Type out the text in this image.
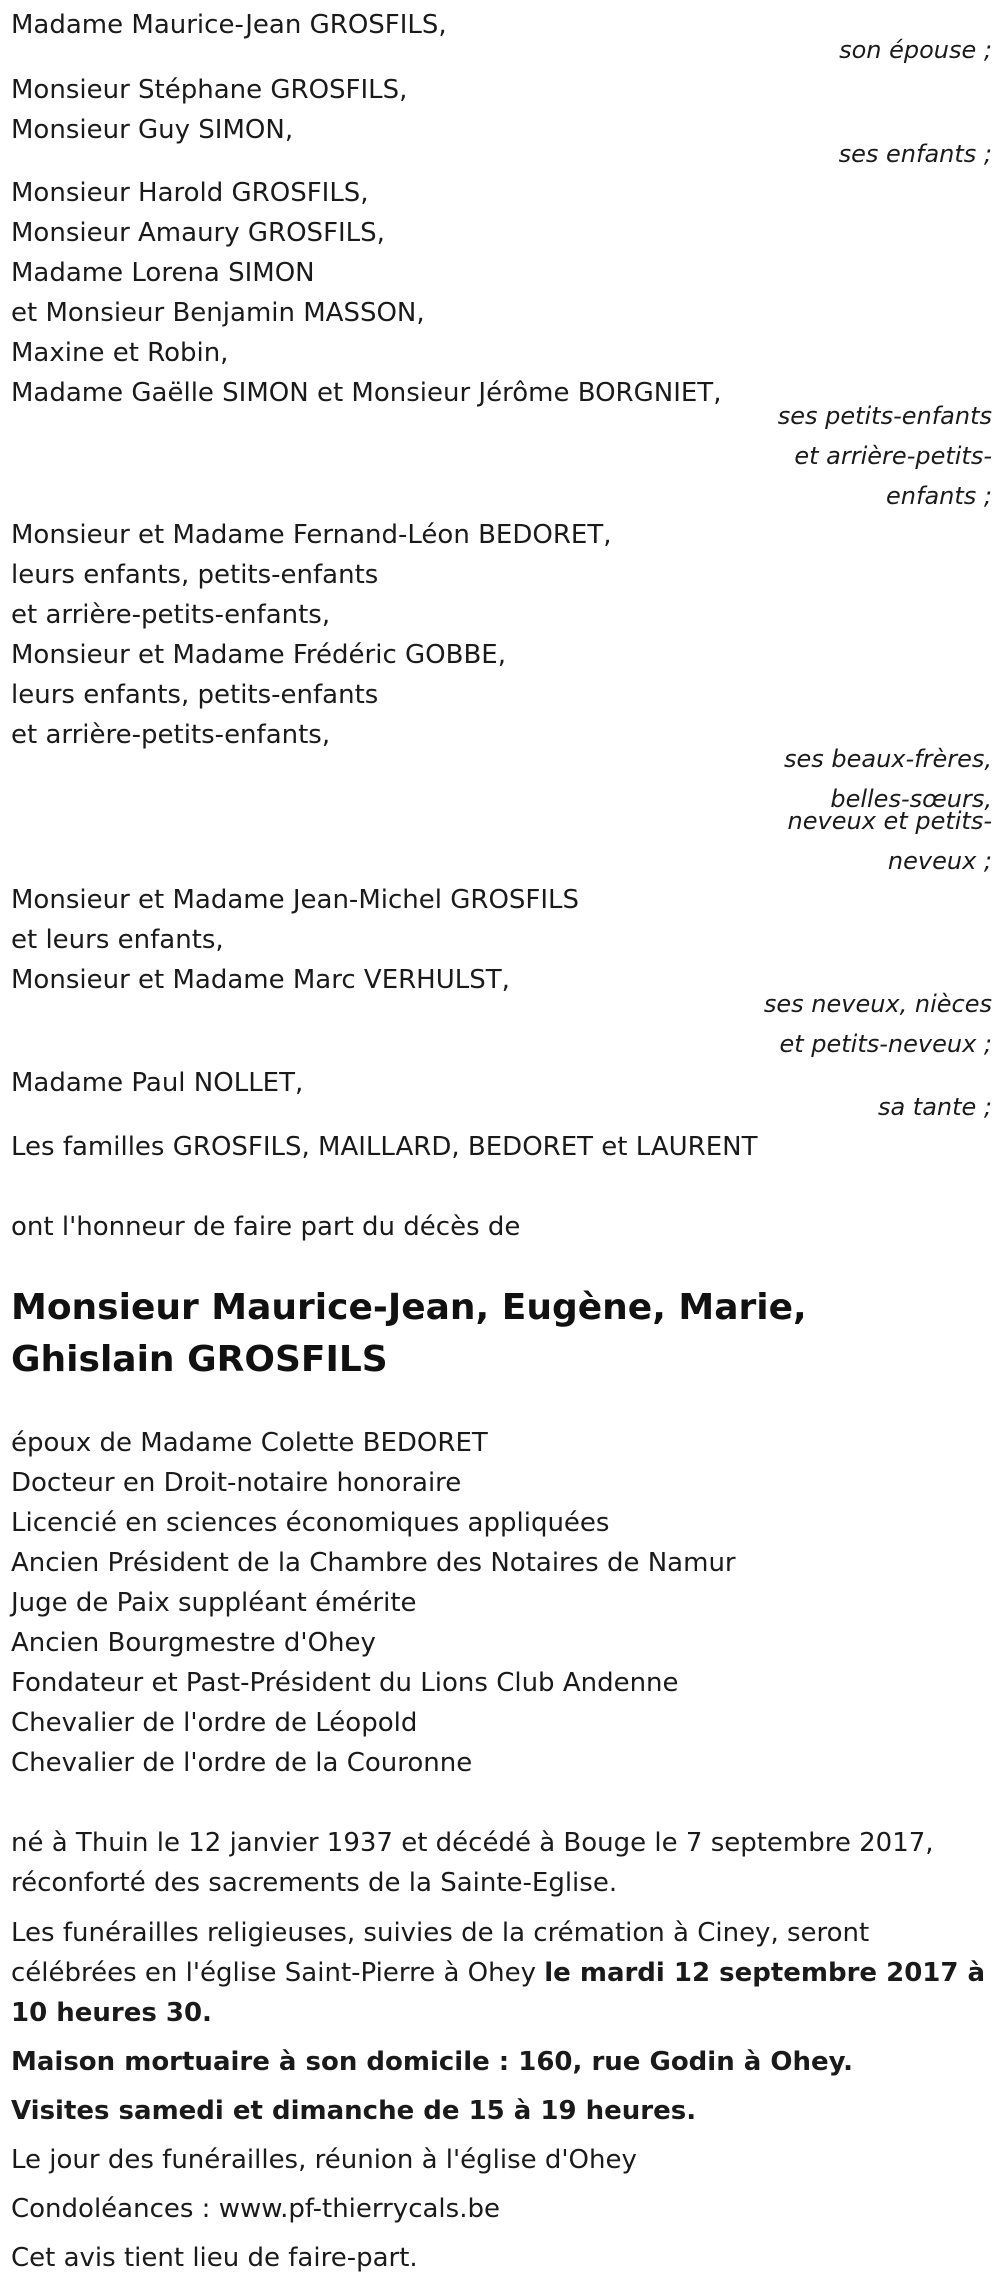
Madame Maurice-Jean GROSFILS,
son épouse ;
Monsieur Stéphane GROSFILS,
Monsieur Guy SIMON,
ses enfants ;
Monsieur Harold GROSFILS,
Monsieur Amaury GROSFILS,
Madame Lorena SIMON
et Monsieur Benjamin MASSON,
Maxine et Robin,
Madame Gaëlle SIMON et Monsieur Jérôme BORGNIET,
ses petits-enfants
et arrière-petits-
enfants ;
Monsieur et Madame Fernand-Léon BEDORET,
leurs enfants, petits-enfants
et arrière-petits-enfants,
Monsieur et Madame Frédéric GOBBE,
leurs enfants, petits-enfants
et arrière-petits-enfants,
ses beaux-frères,
belles-sœurs,
neveux et petits-
neveux ;
Monsieur et Madame Jean-Michel GROSFILS
et leurs enfants,
Monsieur et Madame Marc VERHULST,
ses neveux, nièces
et petits-neveux ;
Madame Paul NOLLET,
sa tante ;
Les familles GROSFILS, MAILLARD, BEDORET et LAURENT
ont l'honneur de faire part du décès de
Monsieur Maurice-Jean, Eugène, Marie, Ghislain GROSFILS
époux de Madame Colette BEDORET
Docteur en Droit-notaire honoraire
Licencié en sciences économiques appliquées
Ancien Président de la Chambre des Notaires de Namur
Juge de Paix suppléant émérite
Ancien Bourgmestre d'Ohey
Fondateur et Past-Président du Lions Club Andenne
Chevalier de l'ordre de Léopold
Chevalier de l'ordre de la Couronne
né à Thuin le 12 janvier 1937 et décédé à Bouge le 7 septembre 2017,
réconforté des sacrements de la Sainte-Eglise.
Les funérailles religieuses, suivies de la crémation à Ciney, seront célébrées en l'église Saint-Pierre à Ohey le mardi 12 septembre 2017 à 10 heures 30.
Maison mortuaire à son domicile : 160, rue Godin à Ohey.
Visites samedi et dimanche de 15 à 19 heures.
Le jour des funérailles, réunion à l'église d'Ohey
Condoléances : www.pf-thierrycals.be
Cet avis tient lieu de faire-part.
